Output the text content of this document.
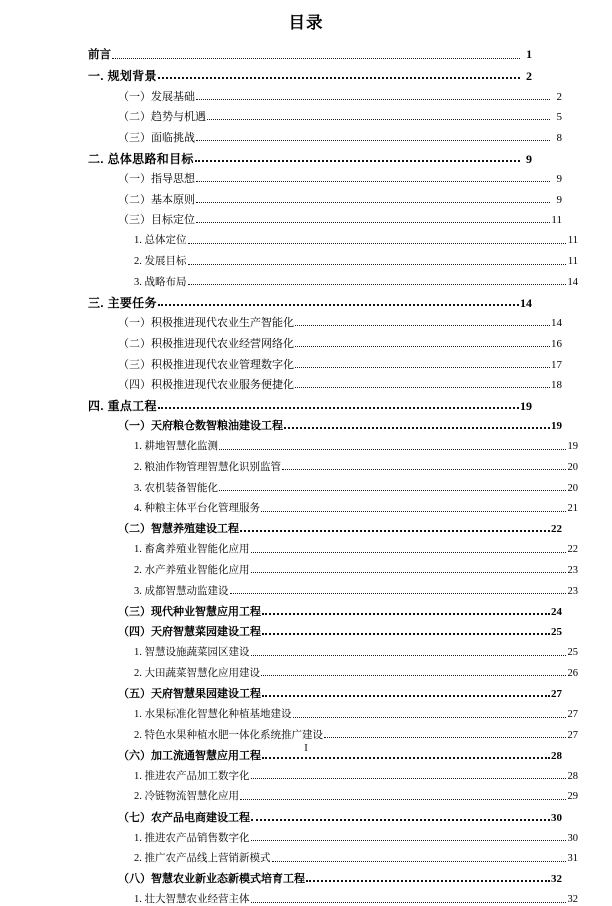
目录
前言	1
一. 规划背景	2
（一）发展基础	2
（二）趋势与机遇	5
（三）面临挑战	8
二. 总体思路和目标	9
（一）指导思想	9
（二）基本原则	9
（三）目标定位	11
1. 总体定位	11
2. 发展目标	11
3. 战略布局	14
三. 主要任务	14
（一）积极推进现代农业生产智能化	14
（二）积极推进现代农业经营网络化	16
（三）积极推进现代农业管理数字化	17
（四）积极推进现代农业服务便捷化	18
四. 重点工程	19
（一）天府粮仓数智粮油建设工程	19
1. 耕地智慧化监测	19
2. 粮油作物管理智慧化识别监管	20
3. 农机装备智能化	20
4. 种粮主体平台化管理服务	21
（二）智慧养殖建设工程	22
1. 畜禽养殖业智能化应用	22
2. 水产养殖业智能化应用	23
3. 成都智慧动监建设	23
（三）现代种业智慧应用工程	24
（四）天府智慧菜园建设工程	25
1. 智慧设施蔬菜园区建设	25
2. 大田蔬菜智慧化应用建设	26
（五）天府智慧果园建设工程	27
1. 水果标准化智慧化种植基地建设	27
2. 特色水果种植水肥一体化系统推广建设	27
（六）加工流通智慧应用工程	28
1. 推进农产品加工数字化	28
2. 冷链物流智慧化应用	29
（七）农产品电商建设工程	30
1. 推进农产品销售数字化	30
2. 推广农产品线上营销新模式	31
（八）智慧农业新业态新模式培育工程	32
1. 壮大智慧农业经营主体	32
I
